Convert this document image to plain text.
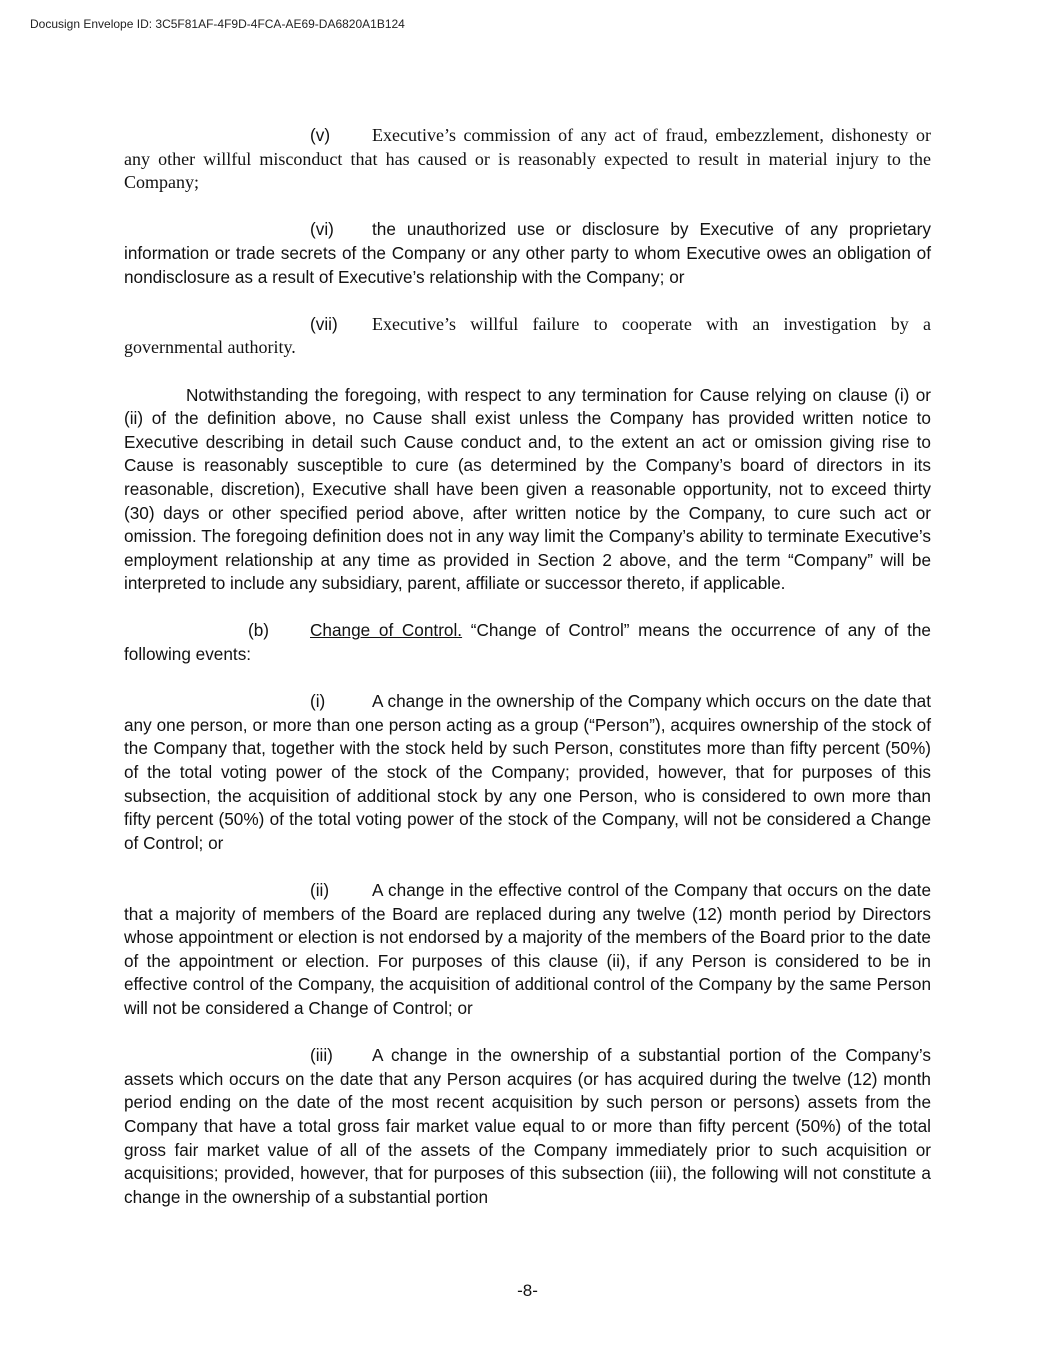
Docusign Envelope ID: 3C5F81AF-4F9D-4FCA-AE69-DA6820A1B124

(v) Executive’s commission of any act of fraud, embezzlement, dishonesty or any other willful misconduct that has caused or is reasonably expected to result in material injury to the Company;

(vi) the unauthorized use or disclosure by Executive of any proprietary information or trade secrets of the Company or any other party to whom Executive owes an obligation of nondisclosure as a result of Executive’s relationship with the Company; or

(vii) Executive’s willful failure to cooperate with an investigation by a governmental authority.

Notwithstanding the foregoing, with respect to any termination for Cause relying on clause (i) or (ii) of the definition above, no Cause shall exist unless the Company has provided written notice to Executive describing in detail such Cause conduct and, to the extent an act or omission giving rise to Cause is reasonably susceptible to cure (as determined by the Company’s board of directors in its reasonable, discretion), Executive shall have been given a reasonable opportunity, not to exceed thirty (30) days or other specified period above, after written notice by the Company, to cure such act or omission. The foregoing definition does not in any way limit the Company’s ability to terminate Executive’s employment relationship at any time as provided in Section 2 above, and the term “Company” will be interpreted to include any subsidiary, parent, affiliate or successor thereto, if applicable.

(b) Change of Control. “Change of Control” means the occurrence of any of the following events:

(i)	A change in the ownership of the Company which occurs on the date that any one person, or more than one person acting as a group (“Person”), acquires ownership of the stock of the Company that, together with the stock held by such Person, constitutes more than fifty percent (50%) of the total voting power of the stock of the Company; provided, however, that for purposes of this subsection, the acquisition of additional stock by any one Person, who is considered to own more than fifty percent (50%) of the total voting power of the stock of the Company, will not be considered a Change of Control; or

(ii) A change in the effective control of the Company that occurs on the date that a majority of members of the Board are replaced during any twelve (12) month period by Directors whose appointment or election is not endorsed by a majority of the members of the Board prior to the date of the appointment or election. For purposes of this clause (ii), if any Person is considered to be in effective control of the Company, the acquisition of additional control of the Company by the same Person will not be considered a Change of Control; or

(iii) A change in the ownership of a substantial portion of the Company’s assets which occurs on the date that any Person acquires (or has acquired during the twelve (12) month period ending on the date of the most recent acquisition by such person or persons) assets from the Company that have a total gross fair market value equal to or more than fifty percent (50%) of the total gross fair market value of all of the assets of the Company immediately prior to such acquisition or acquisitions; provided, however, that for purposes of this subsection (iii), the following will not constitute a change in the ownership of a substantial portion

-8-
